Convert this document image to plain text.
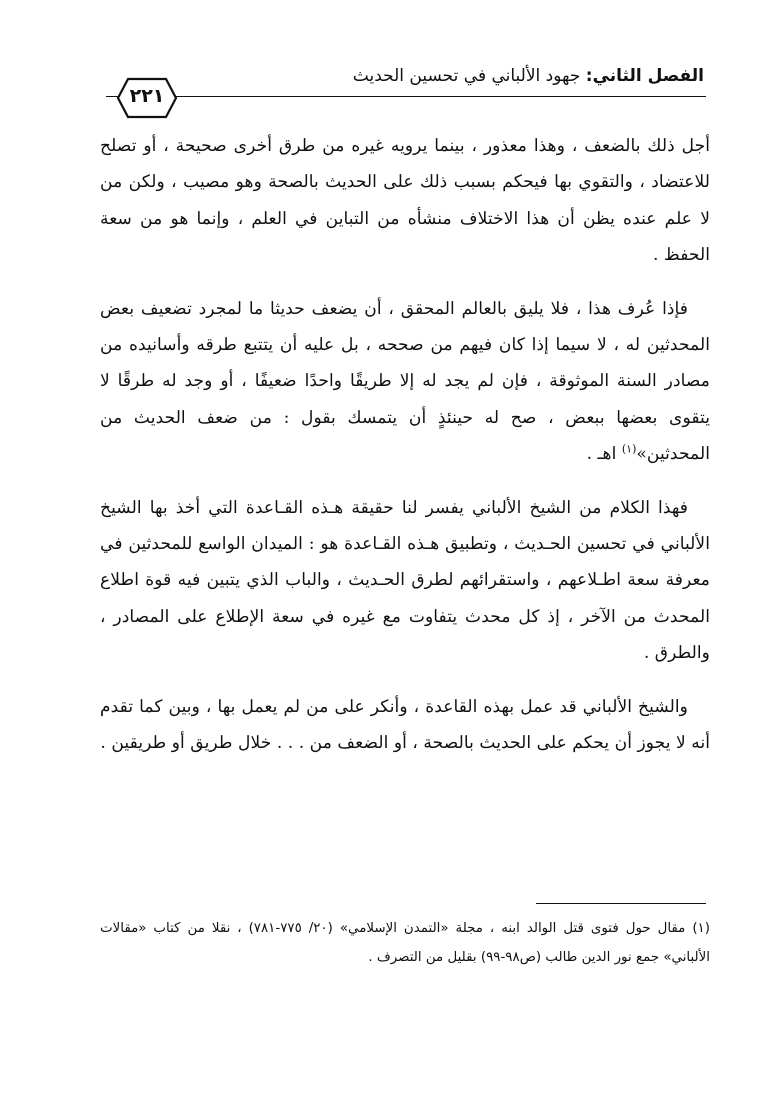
الفصل الثاني: جهود الألباني في تحسين الحديث
٢٢١

أجل ذلك بالضعف ، وهذا معذور ، بينما يرويه غيره من طرق أخرى صحيحة ، أو تصلح للاعتضاد ، والتقوي بها فيحكم بسبب ذلك على الحديث بالصحة وهو مصيب ، ولكن من لا علم عنده يظن أن هذا الاختلاف منشأه من التباين في العلم ، وإنما هو من سعة الحفظ .

فإذا عُرف هذا ، فلا يليق بالعالم المحقق ، أن يضعف حديثا ما لمجرد تضعيف بعض المحدثين له ، لا سيما إذا كان فيهم من صححه ، بل عليه أن يتتبع طرقه وأسانيده من مصادر السنة الموثوقة ، فإن لم يجد له إلا طريقًا واحدًا ضعيفًا ، أو وجد له طرقًا لا يتقوى بعضها ببعض ، صح له حينئذٍ أن يتمسك بقول : من ضعف الحديث من المحدثين»$^{(١)}$ اهـ .

فهذا الكلام من الشيخ الألباني يفسر لنا حقيقة هـذه القـاعدة التي أخذ بها الشيخ الألباني في تحسين الحـديث ، وتطبيق هـذه القـاعدة هو : الميدان الواسع للمحدثين في معرفة سعة اطـلاعهم ، واستقرائهم لطرق الحـديث ، والباب الذي يتبين فيه قوة اطلاع المحدث من الآخر ، إذ كل محدث يتفاوت مع غيره في سعة الإطلاع على المصادر ، والطرق .

والشيخ الألباني قد عمل بهذه القاعدة ، وأنكر على من لم يعمل بها ، وبين كما تقدم أنه لا يجوز أن يحكم على الحديث بالصحة ، أو الضعف من . . . خلال طريق أو طريقين .

(١) مقال حول فتوى قتل الوالد ابنه ، مجلة «التمدن الإسلامي» (٢٠/ ٧٧٥-٧٨١) ، نقلا من كتاب «مقالات الألباني» جمع نور الدين طالب (ص٩٨-٩٩) بقليل من التصرف .
